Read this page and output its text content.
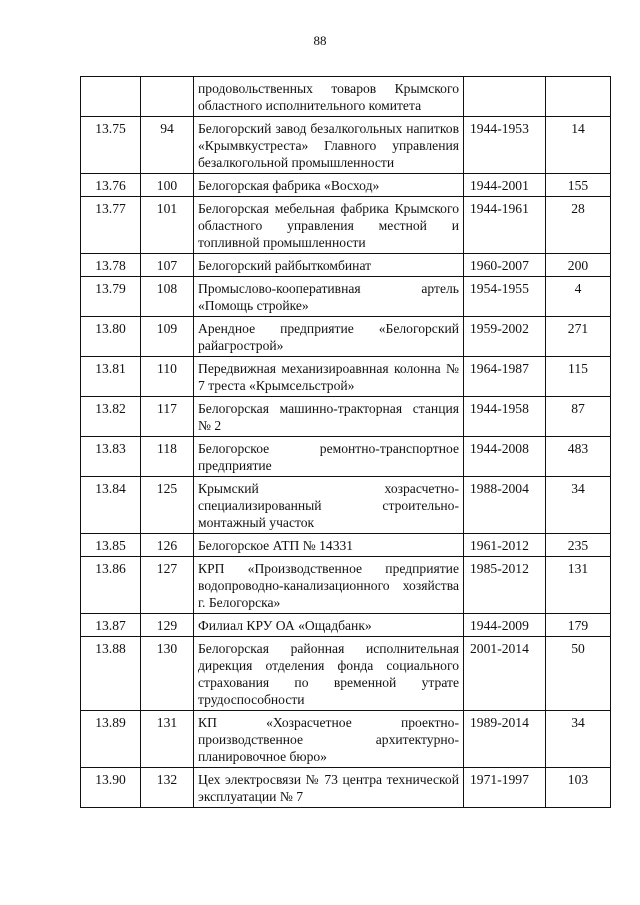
88
		продовольственных товаров Крымского областного исполнительного комитета		
13.75	94	Белогорский завод безалкогольных напитков «Крымвкустреста» Главного управления безалкогольной промышленности	1944-1953	14
13.76	100	Белогорская фабрика «Восход»	1944-2001	155
13.77	101	Белогорская мебельная фабрика Крымского областного управления местной и топливной промышленности	1944-1961	28
13.78	107	Белогорский райбыткомбинат	1960-2007	200
13.79	108	Промыслово-кооперативная артель «Помощь стройке»	1954-1955	4
13.80	109	Арендное предприятие «Белогорский райагрострой»	1959-2002	271
13.81	110	Передвижная механизироавнная колонна № 7 треста «Крымсельстрой»	1964-1987	115
13.82	117	Белогорская машинно-тракторная станция № 2	1944-1958	87
13.83	118	Белогорское ремонтно-транспортное предприятие	1944-2008	483
13.84	125	Крымский хозрасчетно-специализированный строительно-монтажный участок	1988-2004	34
13.85	126	Белогорское АТП № 14331	1961-2012	235
13.86	127	КРП «Производственное предприятие водопроводно-канализационного хозяйства г. Белогорска»	1985-2012	131
13.87	129	Филиал КРУ ОА «Ощадбанк»	1944-2009	179
13.88	130	Белогорская районная исполнительная дирекция отделения фонда социального страхования по временной утрате трудоспособности	2001-2014	50
13.89	131	КП «Хозрасчетное проектно-производственное архитектурно-планировочное бюро»	1989-2014	34
13.90	132	Цех электросвязи № 73 центра технической эксплуатации № 7	1971-1997	103
